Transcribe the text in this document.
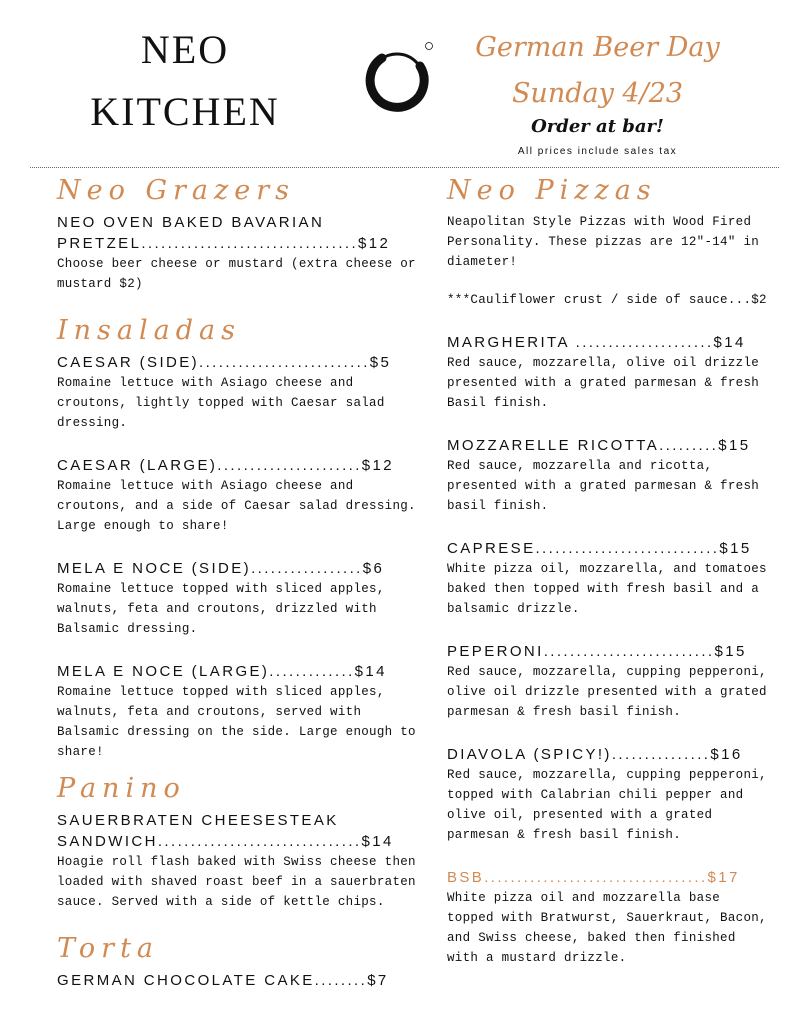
NEO
KITCHEN
German Beer Day
Sunday 4/23
Order at bar!
All prices include sales tax
Neo Grazers
NEO OVEN BAKED BAVARIAN
PRETZEL.................................$12
Choose beer cheese or mustard (extra cheese or mustard $2)
Insaladas
CAESAR (SIDE)..........................$5
Romaine lettuce with Asiago cheese and croutons, lightly topped with Caesar salad dressing.
CAESAR (LARGE)......................$12
Romaine lettuce with Asiago cheese and croutons, and a side of Caesar salad dressing. Large enough to share!
MELA E NOCE (SIDE).................$6
Romaine lettuce topped with sliced apples, walnuts, feta and croutons, drizzled with Balsamic dressing.
MELA E NOCE (LARGE).............$14
Romaine lettuce topped with sliced apples, walnuts, feta and croutons, served with Balsamic dressing on the side. Large enough to share!
Panino
SAUERBRATEN CHEESESTEAK
SANDWICH...............................$14
Hoagie roll flash baked with Swiss cheese then loaded with shaved roast beef in a sauerbraten sauce. Served with a side of kettle chips.
Torta
GERMAN CHOCOLATE CAKE........$7
Neo Pizzas
Neapolitan Style Pizzas with Wood Fired Personality. These pizzas are 12"-14" in diameter!
***Cauliflower crust / side of sauce...$2
MARGHERITA .....................$14
Red sauce, mozzarella, olive oil drizzle presented with a grated parmesan & fresh Basil finish.
MOZZARELLE RICOTTA.........$15
Red sauce, mozzarella and ricotta, presented with a grated parmesan & fresh basil finish.
CAPRESE............................$15
White pizza oil, mozzarella, and tomatoes baked then topped with fresh basil and a balsamic drizzle.
PEPERONI..........................$15
Red sauce, mozzarella, cupping pepperoni, olive oil drizzle presented with a grated parmesan & fresh basil finish.
DIAVOLA (SPICY!)...............$16
Red sauce, mozzarella, cupping pepperoni, topped with Calabrian chili pepper and olive oil, presented with a grated parmesan & fresh basil finish.
BSB..................................$17
White pizza oil and mozzarella base topped with Bratwurst, Sauerkraut, Bacon, and Swiss cheese, baked then finished with a mustard drizzle.
